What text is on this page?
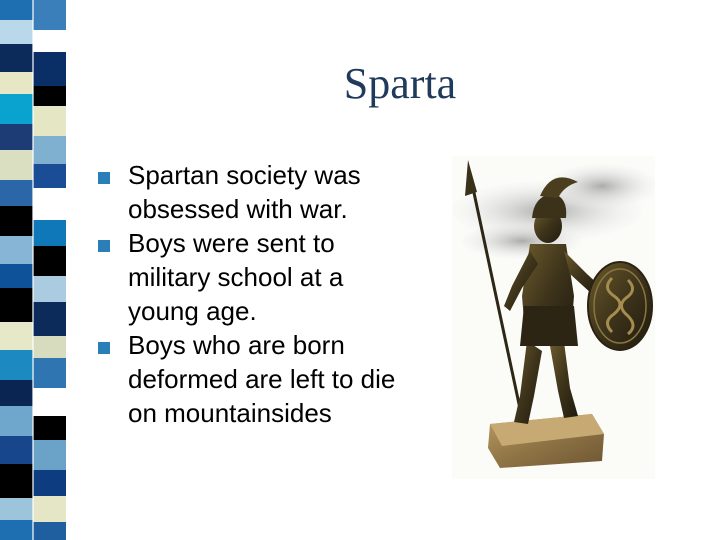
Sparta
Spartan society was obsessed with war.
Boys were sent to military school at a young age.
Boys who are born deformed are left to die on mountainsides
